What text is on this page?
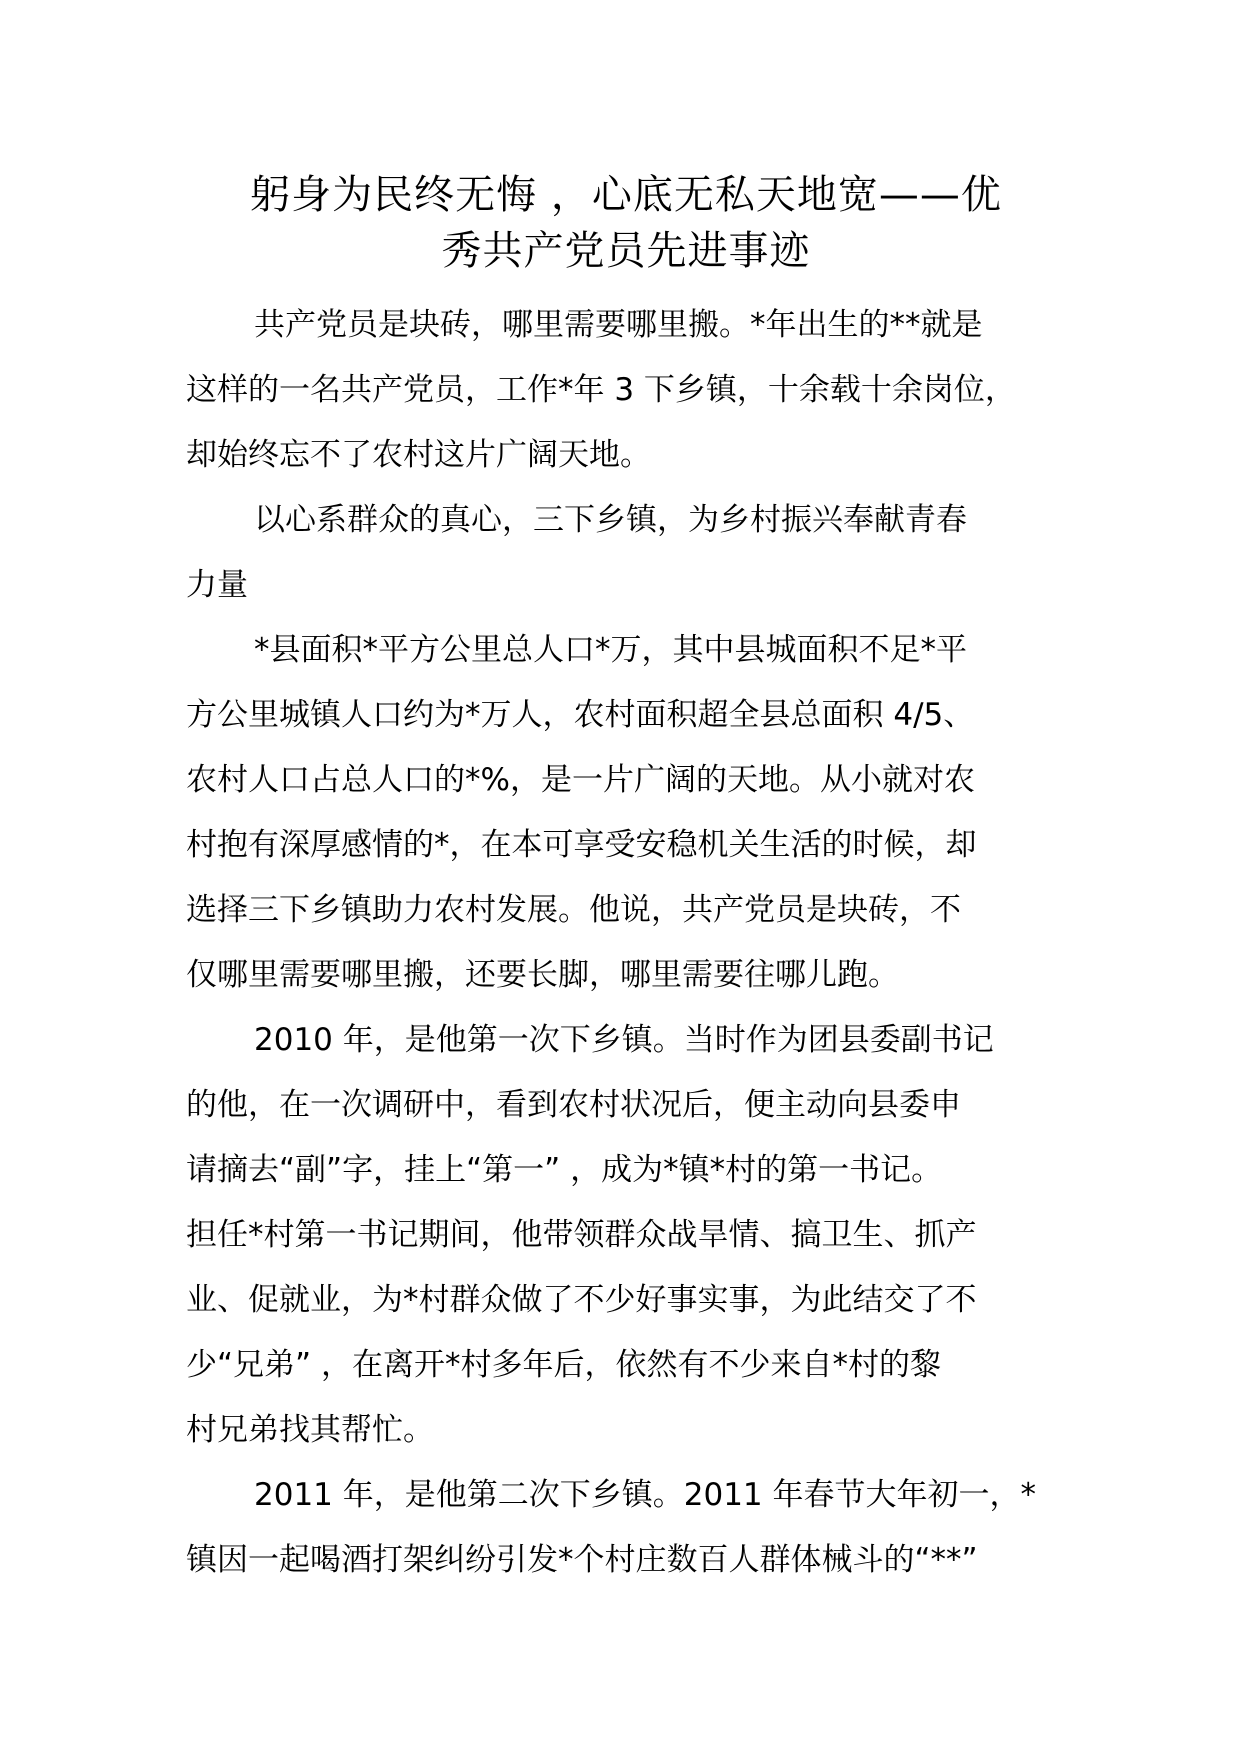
躬身为民终无悔 ，心底无私天地宽——优
秀共产党员先进事迹
共产党员是块砖，哪里需要哪里搬。*年出生的**就是
这样的一名共产党员，工作*年 3 下乡镇，十余载十余岗位，
却始终忘不了农村这片广阔天地。
以心系群众的真心，三下乡镇，为乡村振兴奉献青春
力量
*县面积*平方公里总人口*万，其中县城面积不足*平
方公里城镇人口约为*万人，农村面积超全县总面积 4/5、
农村人口占总人口的*%，是一片广阔的天地。从小就对农
村抱有深厚感情的*，在本可享受安稳机关生活的时候，却
选择三下乡镇助力农村发展。他说，共产党员是块砖，不
仅哪里需要哪里搬，还要长脚，哪里需要往哪儿跑。
2010 年，是他第一次下乡镇。当时作为团县委副书记
的他，在一次调研中，看到农村状况后，便主动向县委申
请摘去“副”字，挂上“第一” ，成为*镇*村的第一书记。
担任*村第一书记期间，他带领群众战旱情、搞卫生、抓产
业、促就业，为*村群众做了不少好事实事，为此结交了不
少“兄弟” ，在离开*村多年后，依然有不少来自*村的黎
村兄弟找其帮忙。
2011 年，是他第二次下乡镇。2011 年春节大年初一，*
镇因一起喝酒打架纠纷引发*个村庄数百人群体械斗的“**”
